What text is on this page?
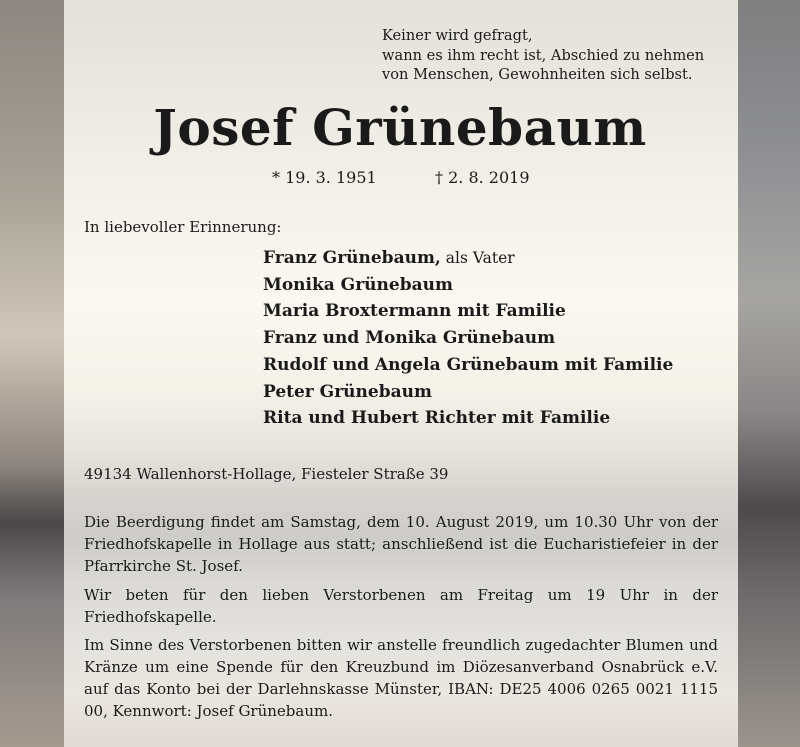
Keiner wird gefragt,
wann es ihm recht ist, Abschied zu nehmen
von Menschen, Gewohnheiten sich selbst.
Josef Grünebaum
* 19. 3. 1951	† 2. 8. 2019
In liebevoller Erinnerung:
Franz Grünebaum, als Vater
Monika Grünebaum
Maria Broxtermann mit Familie
Franz und Monika Grünebaum
Rudolf und Angela Grünebaum mit Familie
Peter Grünebaum
Rita und Hubert Richter mit Familie
49134 Wallenhorst-Hollage, Fiesteler Straße 39

Die Beerdigung findet am Samstag, dem 10. August 2019, um 10.30 Uhr von der Friedhofskapelle in Hollage aus statt; anschließend ist die Eucharistiefeier in der Pfarrkirche St. Josef.

Wir beten für den lieben Verstorbenen am Freitag um 19 Uhr in der Friedhofskapelle.

Im Sinne des Verstorbenen bitten wir anstelle freundlich zugedachter Blumen und Kränze um eine Spende für den Kreuzbund im Diözesanverband Osnabrück e.V. auf das Konto bei der Darlehnskasse Münster, IBAN: DE25 4006 0265 0021 1115 00, Kennwort: Josef Grünebaum.
